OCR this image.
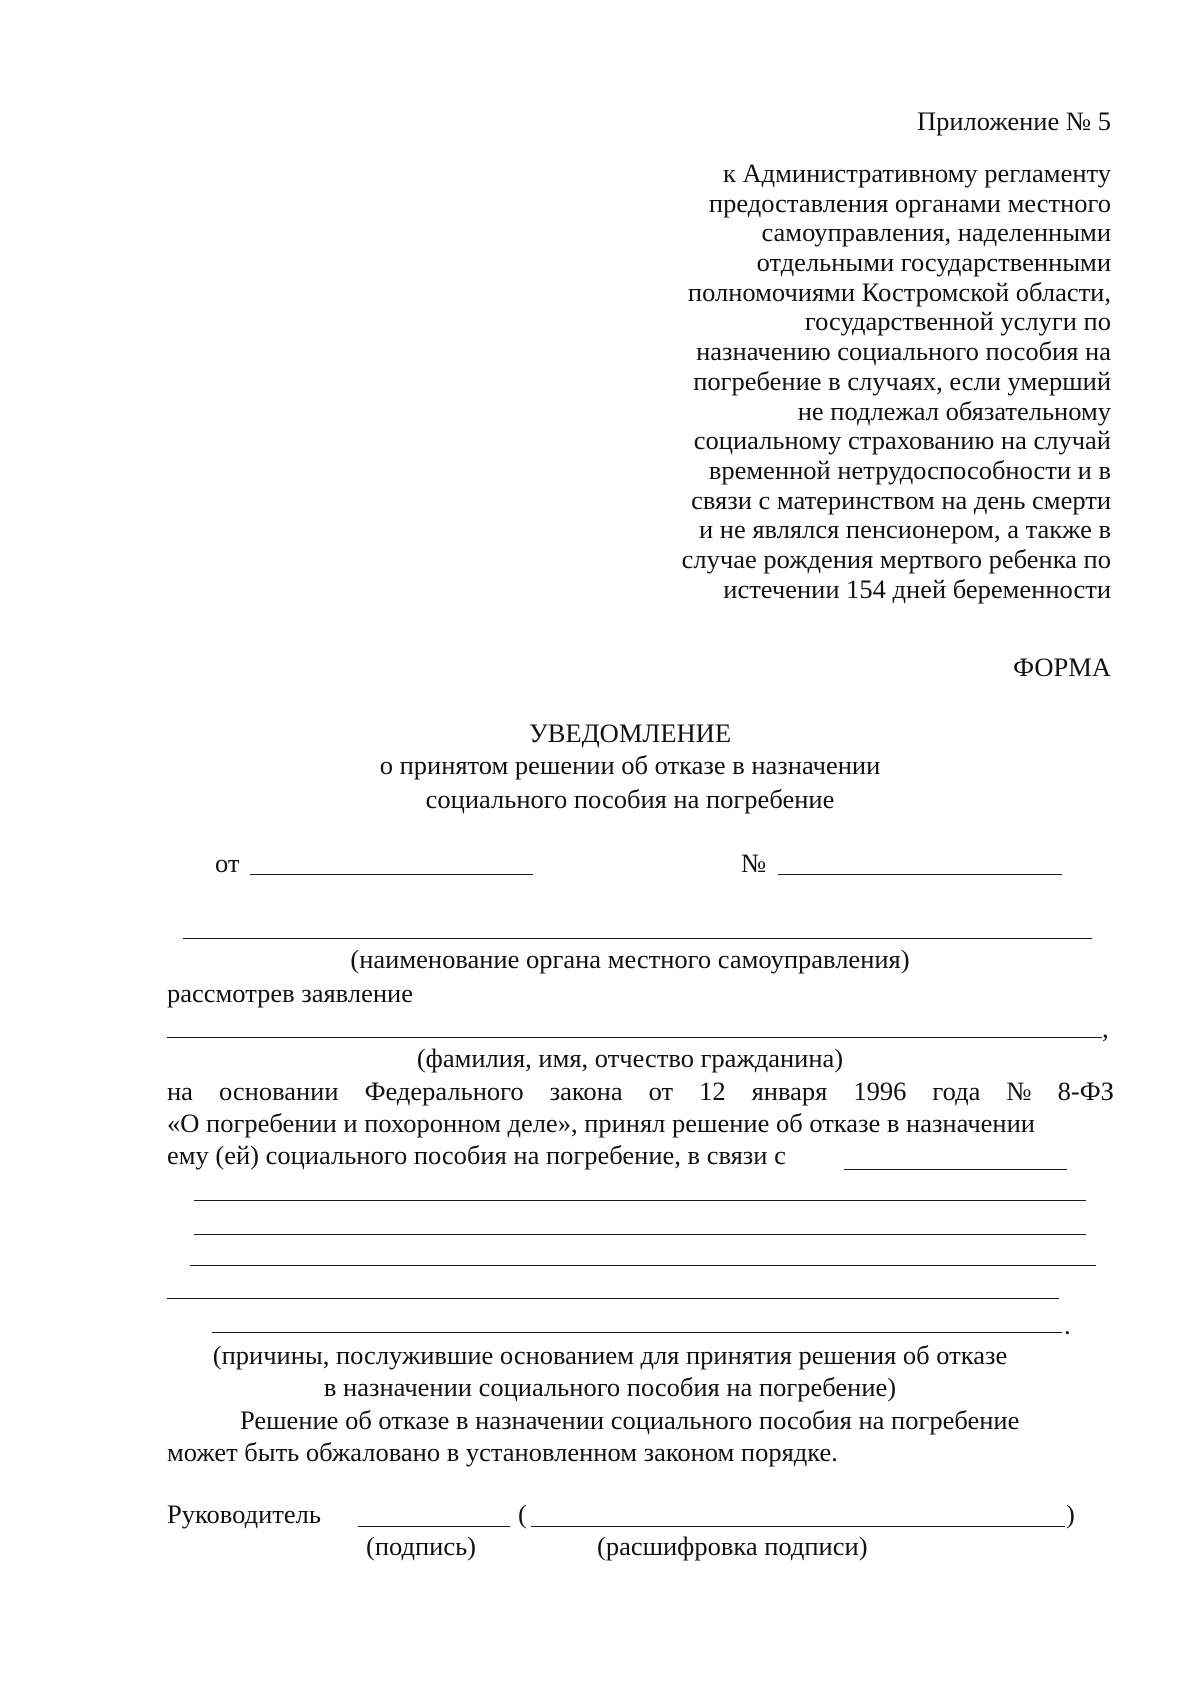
Приложение № 5
к Административному регламенту
предоставления органами местного
самоуправления, наделенными
отдельными государственными
полномочиями Костромской области,
государственной услуги по
назначению социального пособия на
погребение в случаях, если умерший
не подлежал обязательному
социальному страхованию на случай
временной нетрудоспособности и в
связи с материнством на день смерти
и не являлся пенсионером, а также в
случае рождения мертвого ребенка по
истечении 154 дней беременности
ФОРМА
УВЕДОМЛЕНИЕ
о принятом решении об отказе в назначении
социального пособия на погребение
от	№
(наименование органа местного самоуправления)
рассмотрев заявление
,
(фамилия, имя, отчество гражданина)
на основании Федерального закона от 12 января 1996 года № 8-ФЗ
«О погребении и похоронном деле», принял решение об отказе в назначении
ему (ей) социального пособия на погребение, в связи с
.
(причины, послужившие основанием для принятия решения об отказе
в назначении социального пособия на погребение)
Решение об отказе в назначении социального пособия на погребение
может быть обжаловано в установленном законом порядке.
Руководитель	(	)
(подпись)	(расшифровка подписи)
